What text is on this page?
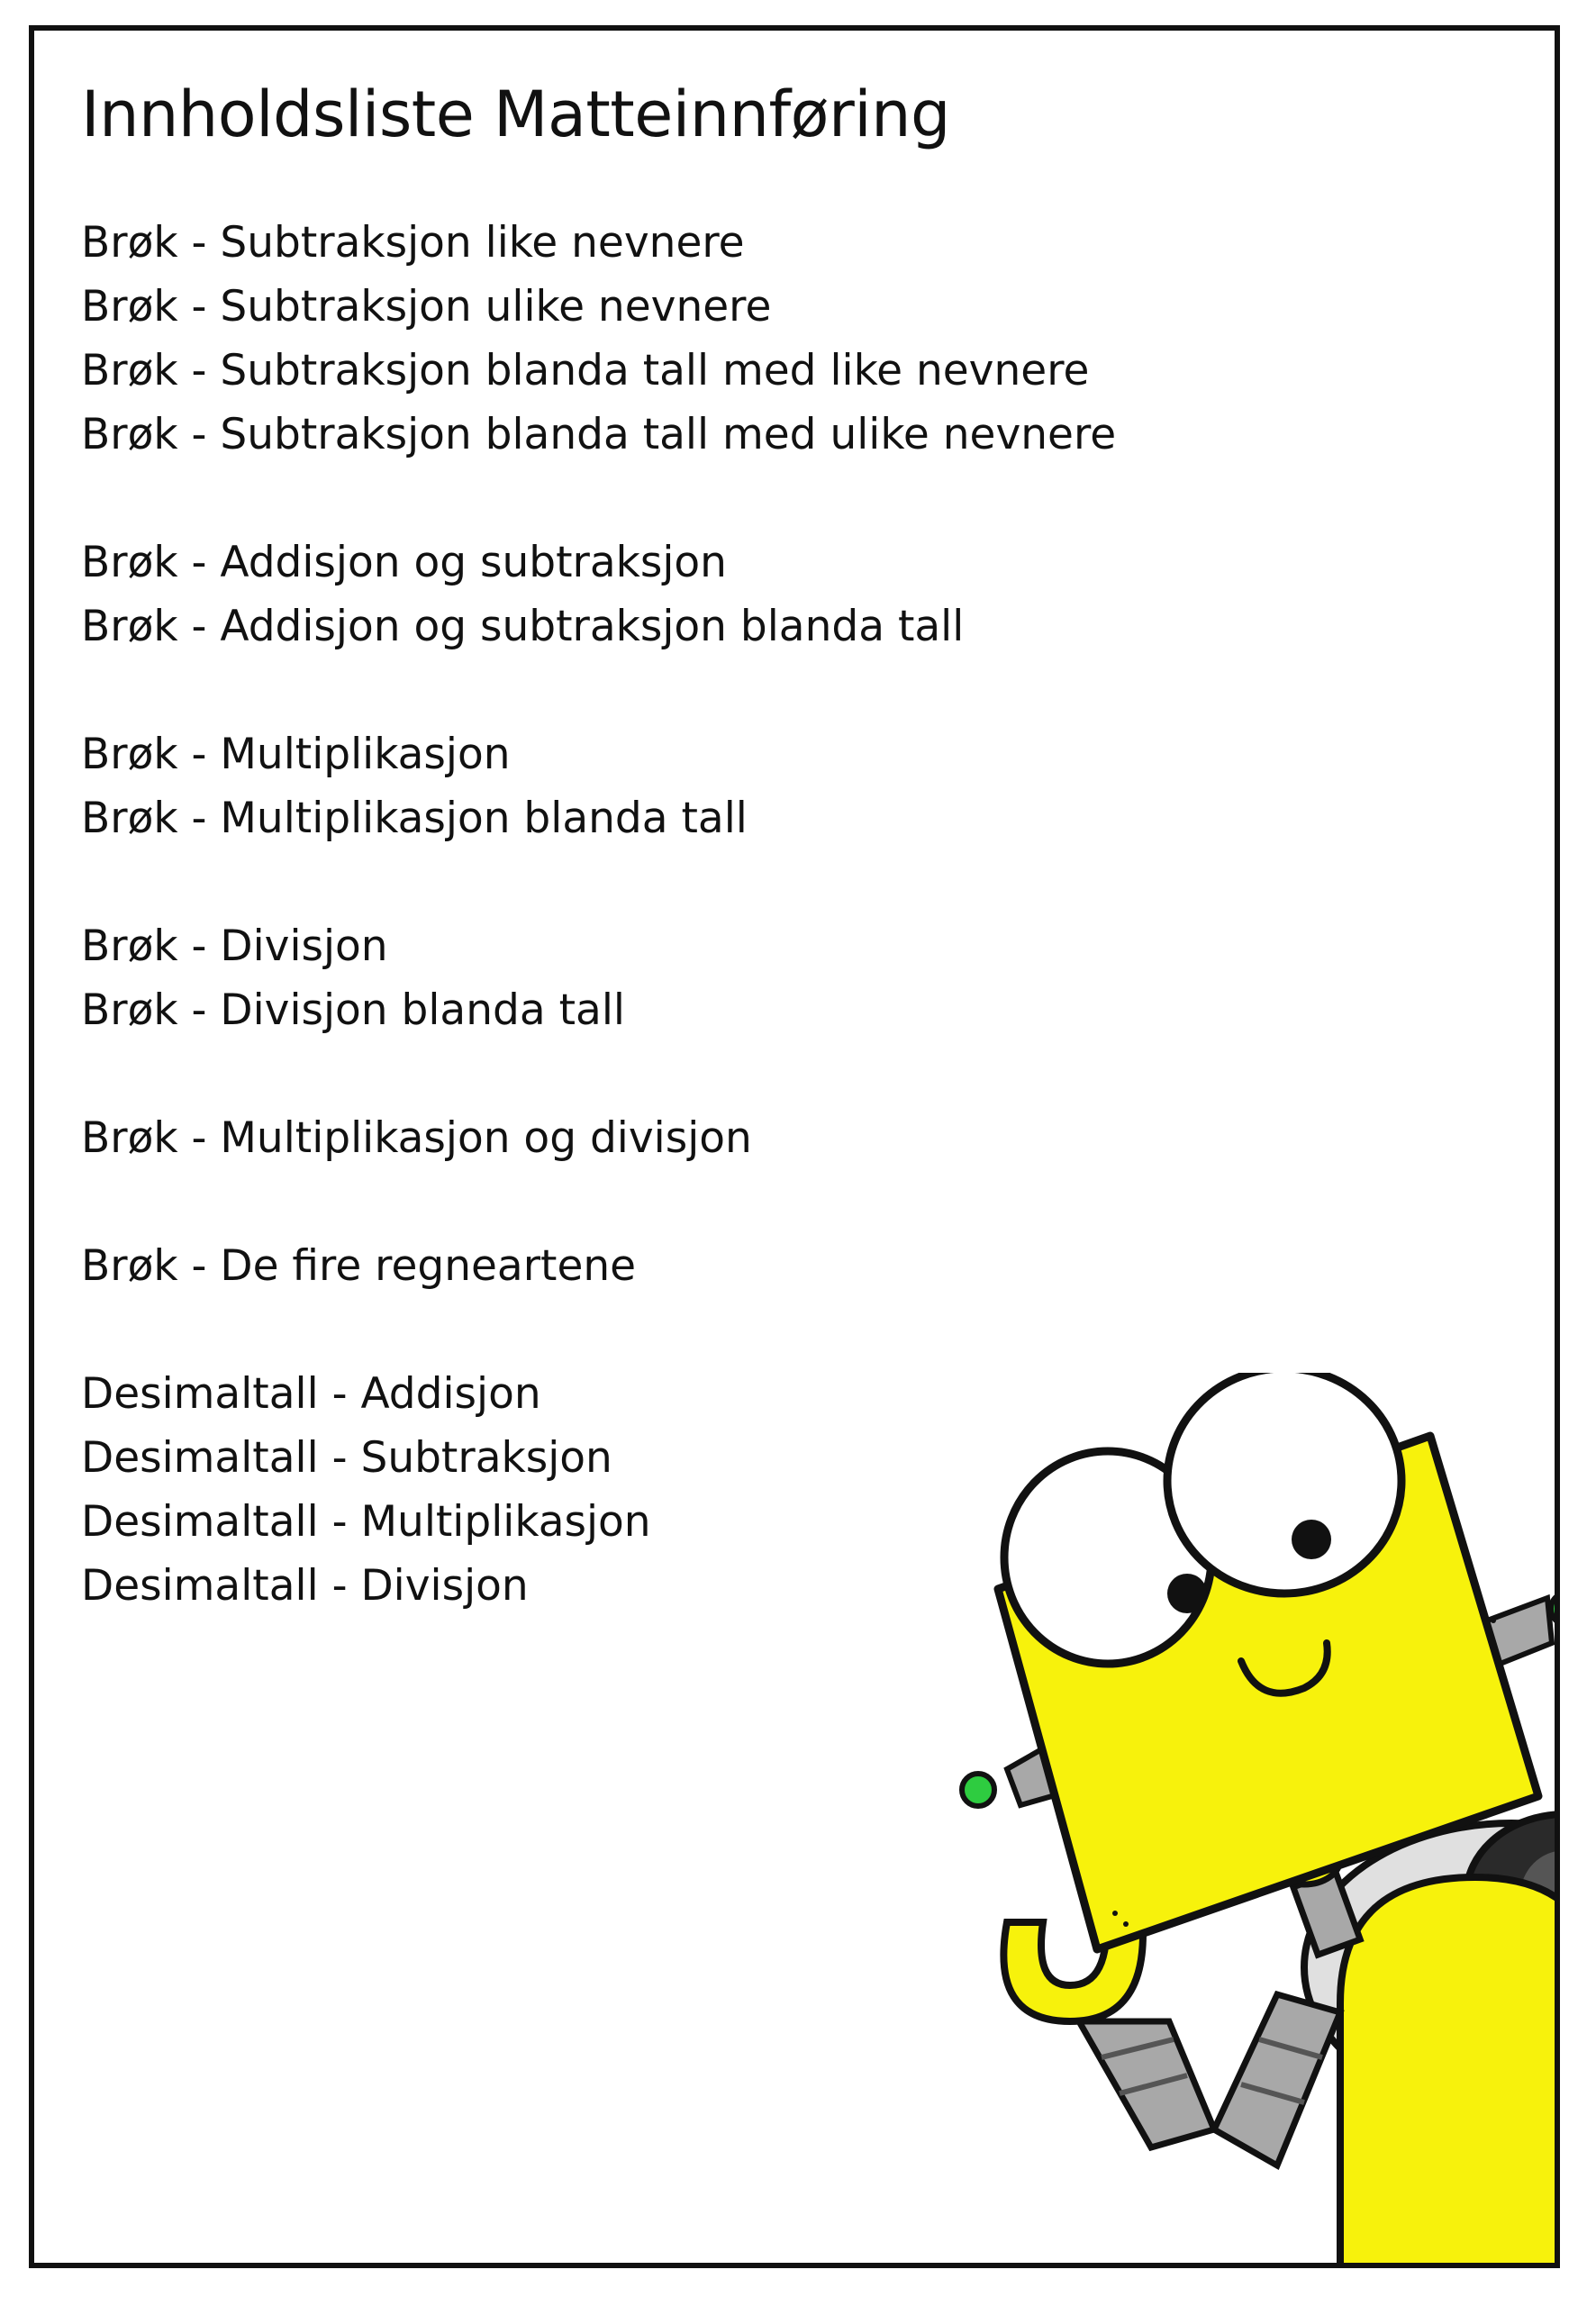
Innholdsliste Matteinnføring
Brøk - Subtraksjon like nevnere
Brøk - Subtraksjon ulike nevnere
Brøk - Subtraksjon blanda tall med like nevnere
Brøk - Subtraksjon blanda tall med ulike nevnere
Brøk - Addisjon og subtraksjon
Brøk - Addisjon og subtraksjon blanda tall
Brøk - Multiplikasjon
Brøk - Multiplikasjon blanda tall
Brøk - Divisjon
Brøk - Divisjon blanda tall
Brøk - Multiplikasjon og divisjon
Brøk - De fire regneartene
Desimaltall - Addisjon
Desimaltall - Subtraksjon
Desimaltall - Multiplikasjon
Desimaltall - Divisjon
